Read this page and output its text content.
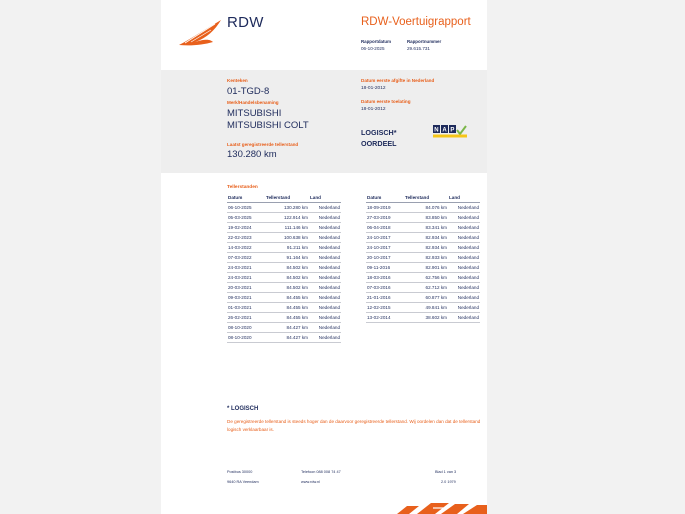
RDW	RDW-Voertuigrapport
Rapportdatum
06-10-2025
Rapportnummer
29.615.731
Kenteken
01-TGD-8
Merk/Handelsbenaming
MITSUBISHI
MITSUBISHI COLT
Laatst geregistreerde tellerstand
130.280 km
Datum eerste afgifte in Nederland
18-01-2012
Datum eerste toelating
18-01-2012
LOGISCH*
OORDEEL
N A P
Tellerstanden
Datum	Tellerstand	Land
06-10-2025	130.280 km	Nederland
05-03-2025	122.914 km	Nederland
19-02-2024	111.146 km	Nederland
22-02-2023	100.638 km	Nederland
14-03-2022	91.211 km	Nederland
07-03-2022	91.164 km	Nederland
24-03-2021	84.502 km	Nederland
24-03-2021	84.502 km	Nederland
20-03-2021	84.502 km	Nederland
09-03-2021	84.455 km	Nederland
01-03-2021	84.455 km	Nederland
26-02-2021	84.455 km	Nederland
08-10-2020	84.427 km	Nederland
08-10-2020	84.427 km	Nederland
Datum	Tellerstand	Land
18-09-2019	84.076 km	Nederland
27-03-2019	83.850 km	Nederland
06-04-2018	83.341 km	Nederland
24-10-2017	82.934 km	Nederland
24-10-2017	82.934 km	Nederland
20-10-2017	82.933 km	Nederland
09-11-2016	82.901 km	Nederland
18-03-2016	62.756 km	Nederland
07-03-2016	62.712 km	Nederland
21-01-2016	60.877 km	Nederland
12-02-2015	49.841 km	Nederland
13-02-2014	38.602 km	Nederland
* LOGISCH
De geregistreerde tellerstand is steeds hoger dan de daarvoor geregistreerde tellerstand. Wij oordelen dan dat de tellerstand logisch verklaarbaar is.
Postbus 30000
9640 RA Veendam
Telefoon 088 008 74 47
www.rdw.nl
Blad 1 van 3
2.0 1979
